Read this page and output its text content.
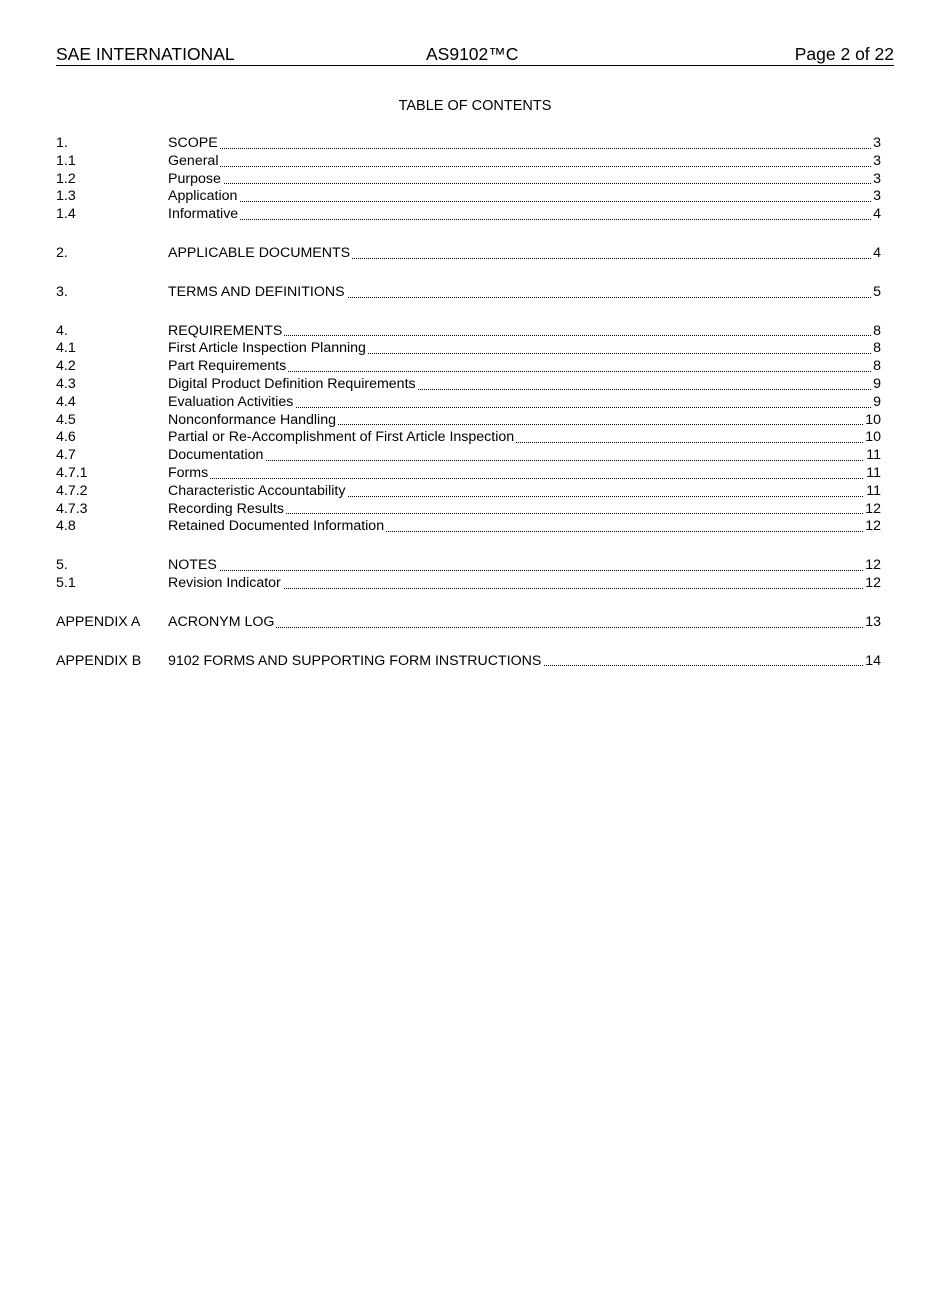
SAE INTERNATIONAL	AS9102™C	Page 2 of 22
TABLE OF CONTENTS
1.	SCOPE	3
1.1	General	3
1.2	Purpose	3
1.3	Application	3
1.4	Informative	4
2.	APPLICABLE DOCUMENTS	4
3.	TERMS AND DEFINITIONS	5
4.	REQUIREMENTS	8
4.1	First Article Inspection Planning	8
4.2	Part Requirements	8
4.3	Digital Product Definition Requirements	9
4.4	Evaluation Activities	9
4.5	Nonconformance Handling	10
4.6	Partial or Re-Accomplishment of First Article Inspection	10
4.7	Documentation	11
4.7.1	Forms	11
4.7.2	Characteristic Accountability	11
4.7.3	Recording Results	12
4.8	Retained Documented Information	12
5.	NOTES	12
5.1	Revision Indicator	12
APPENDIX A	ACRONYM LOG	13
APPENDIX B	9102 FORMS AND SUPPORTING FORM INSTRUCTIONS	14
